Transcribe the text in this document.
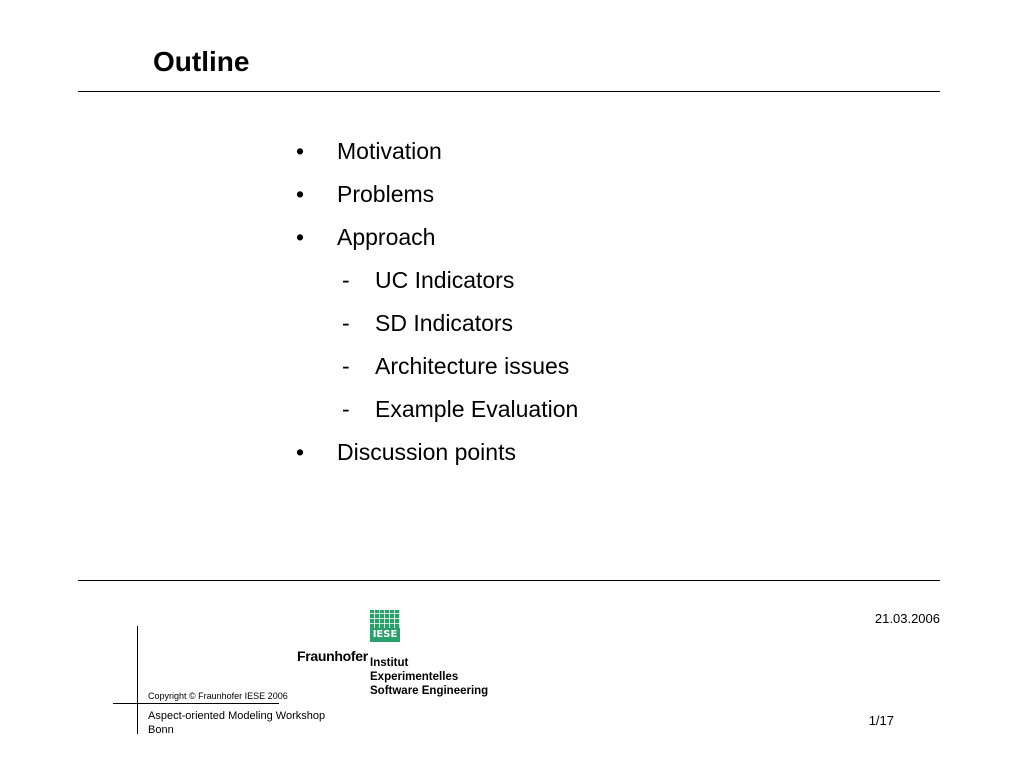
Outline
• Motivation
• Problems
• Approach
- UC Indicators
- SD Indicators
- Architecture issues
- Example Evaluation
• Discussion points
21.03.2006
IESE
Fraunhofer Institut
Experimentelles
Software Engineering
Copyright © Fraunhofer IESE 2006
Aspect-oriented Modeling Workshop
Bonn
1/17
